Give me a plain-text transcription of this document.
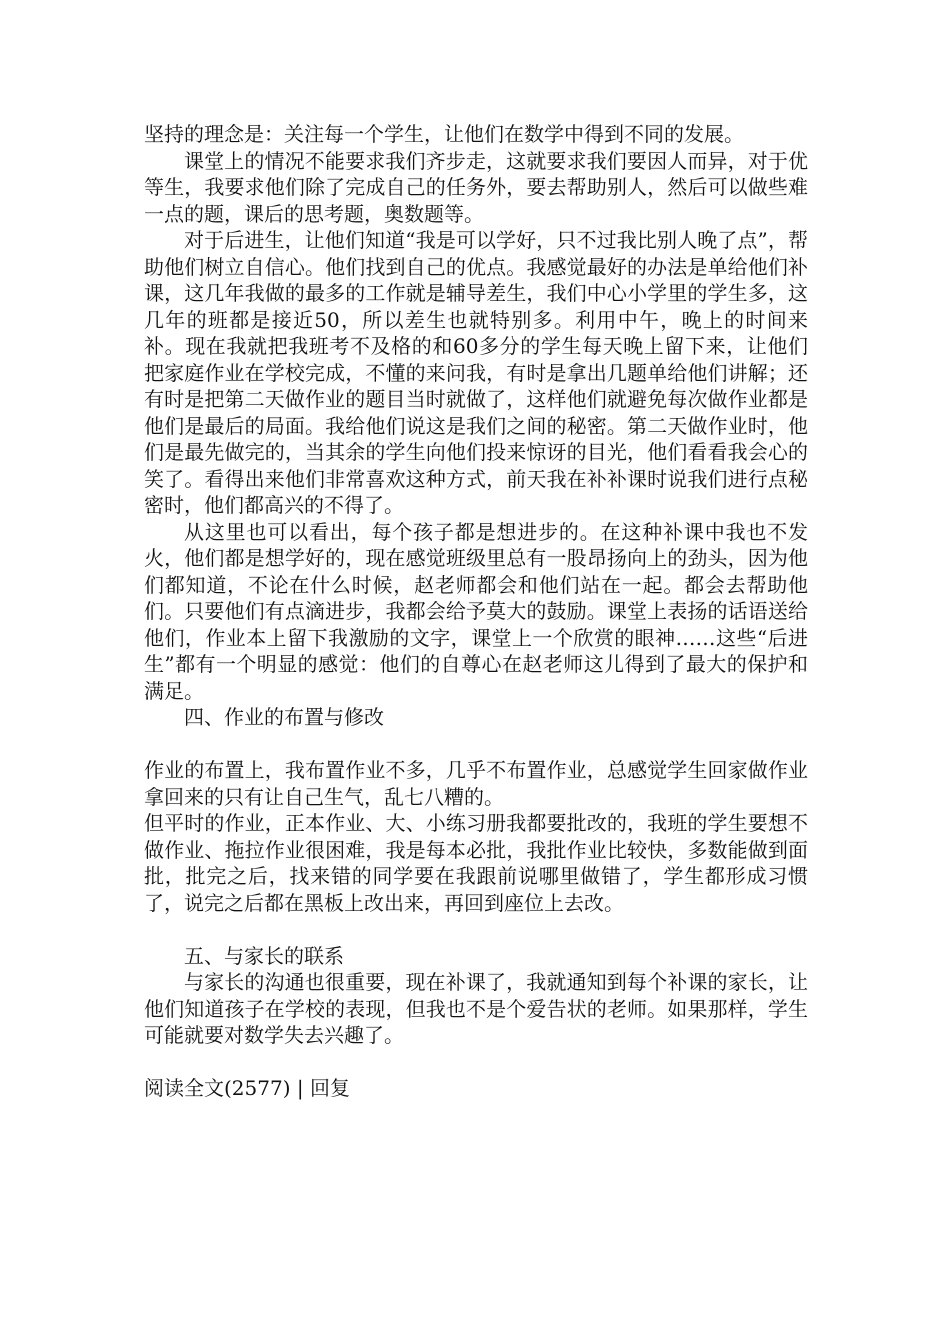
坚持的理念是：关注每一个学生，让他们在数学中得到不同的发展。

课堂上的情况不能要求我们齐步走，这就要求我们要因人而异，对于优等生，我要求他们除了完成自己的任务外，要去帮助别人，然后可以做些难一点的题，课后的思考题，奥数题等。

对于后进生，让他们知道“我是可以学好，只不过我比别人晚了点”，帮助他们树立自信心。他们找到自己的优点。我感觉最好的办法是单给他们补课，这几年我做的最多的工作就是辅导差生，我们中心小学里的学生多，这几年的班都是接近50，所以差生也就特别多。利用中午，晚上的时间来补。现在我就把我班考不及格的和60多分的学生每天晚上留下来，让他们把家庭作业在学校完成，不懂的来问我，有时是拿出几题单给他们讲解；还有时是把第二天做作业的题目当时就做了，这样他们就避免每次做作业都是他们是最后的局面。我给他们说这是我们之间的秘密。第二天做作业时，他们是最先做完的，当其余的学生向他们投来惊讶的目光，他们看看我会心的笑了。看得出来他们非常喜欢这种方式，前天我在补补课时说我们进行点秘密时，他们都高兴的不得了。

从这里也可以看出，每个孩子都是想进步的。在这种补课中我也不发火，他们都是想学好的，现在感觉班级里总有一股昂扬向上的劲头，因为他们都知道，不论在什么时候，赵老师都会和他们站在一起。都会去帮助他们。只要他们有点滴进步，我都会给予莫大的鼓励。课堂上表扬的话语送给他们，作业本上留下我激励的文字，课堂上一个欣赏的眼神……这些“后进生”都有一个明显的感觉：他们的自尊心在赵老师这儿得到了最大的保护和满足。

四、作业的布置与修改

作业的布置上，我布置作业不多，几乎不布置作业，总感觉学生回家做作业拿回来的只有让自己生气，乱七八糟的。

但平时的作业，正本作业、大、小练习册我都要批改的，我班的学生要想不做作业、拖拉作业很困难，我是每本必批，我批作业比较快，多数能做到面批，批完之后，找来错的同学要在我跟前说哪里做错了，学生都形成习惯了，说完之后都在黑板上改出来，再回到座位上去改。

五、与家长的联系

与家长的沟通也很重要，现在补课了，我就通知到每个补课的家长，让他们知道孩子在学校的表现，但我也不是个爱告状的老师。如果那样，学生可能就要对数学失去兴趣了。

阅读全文(2577) | 回复
